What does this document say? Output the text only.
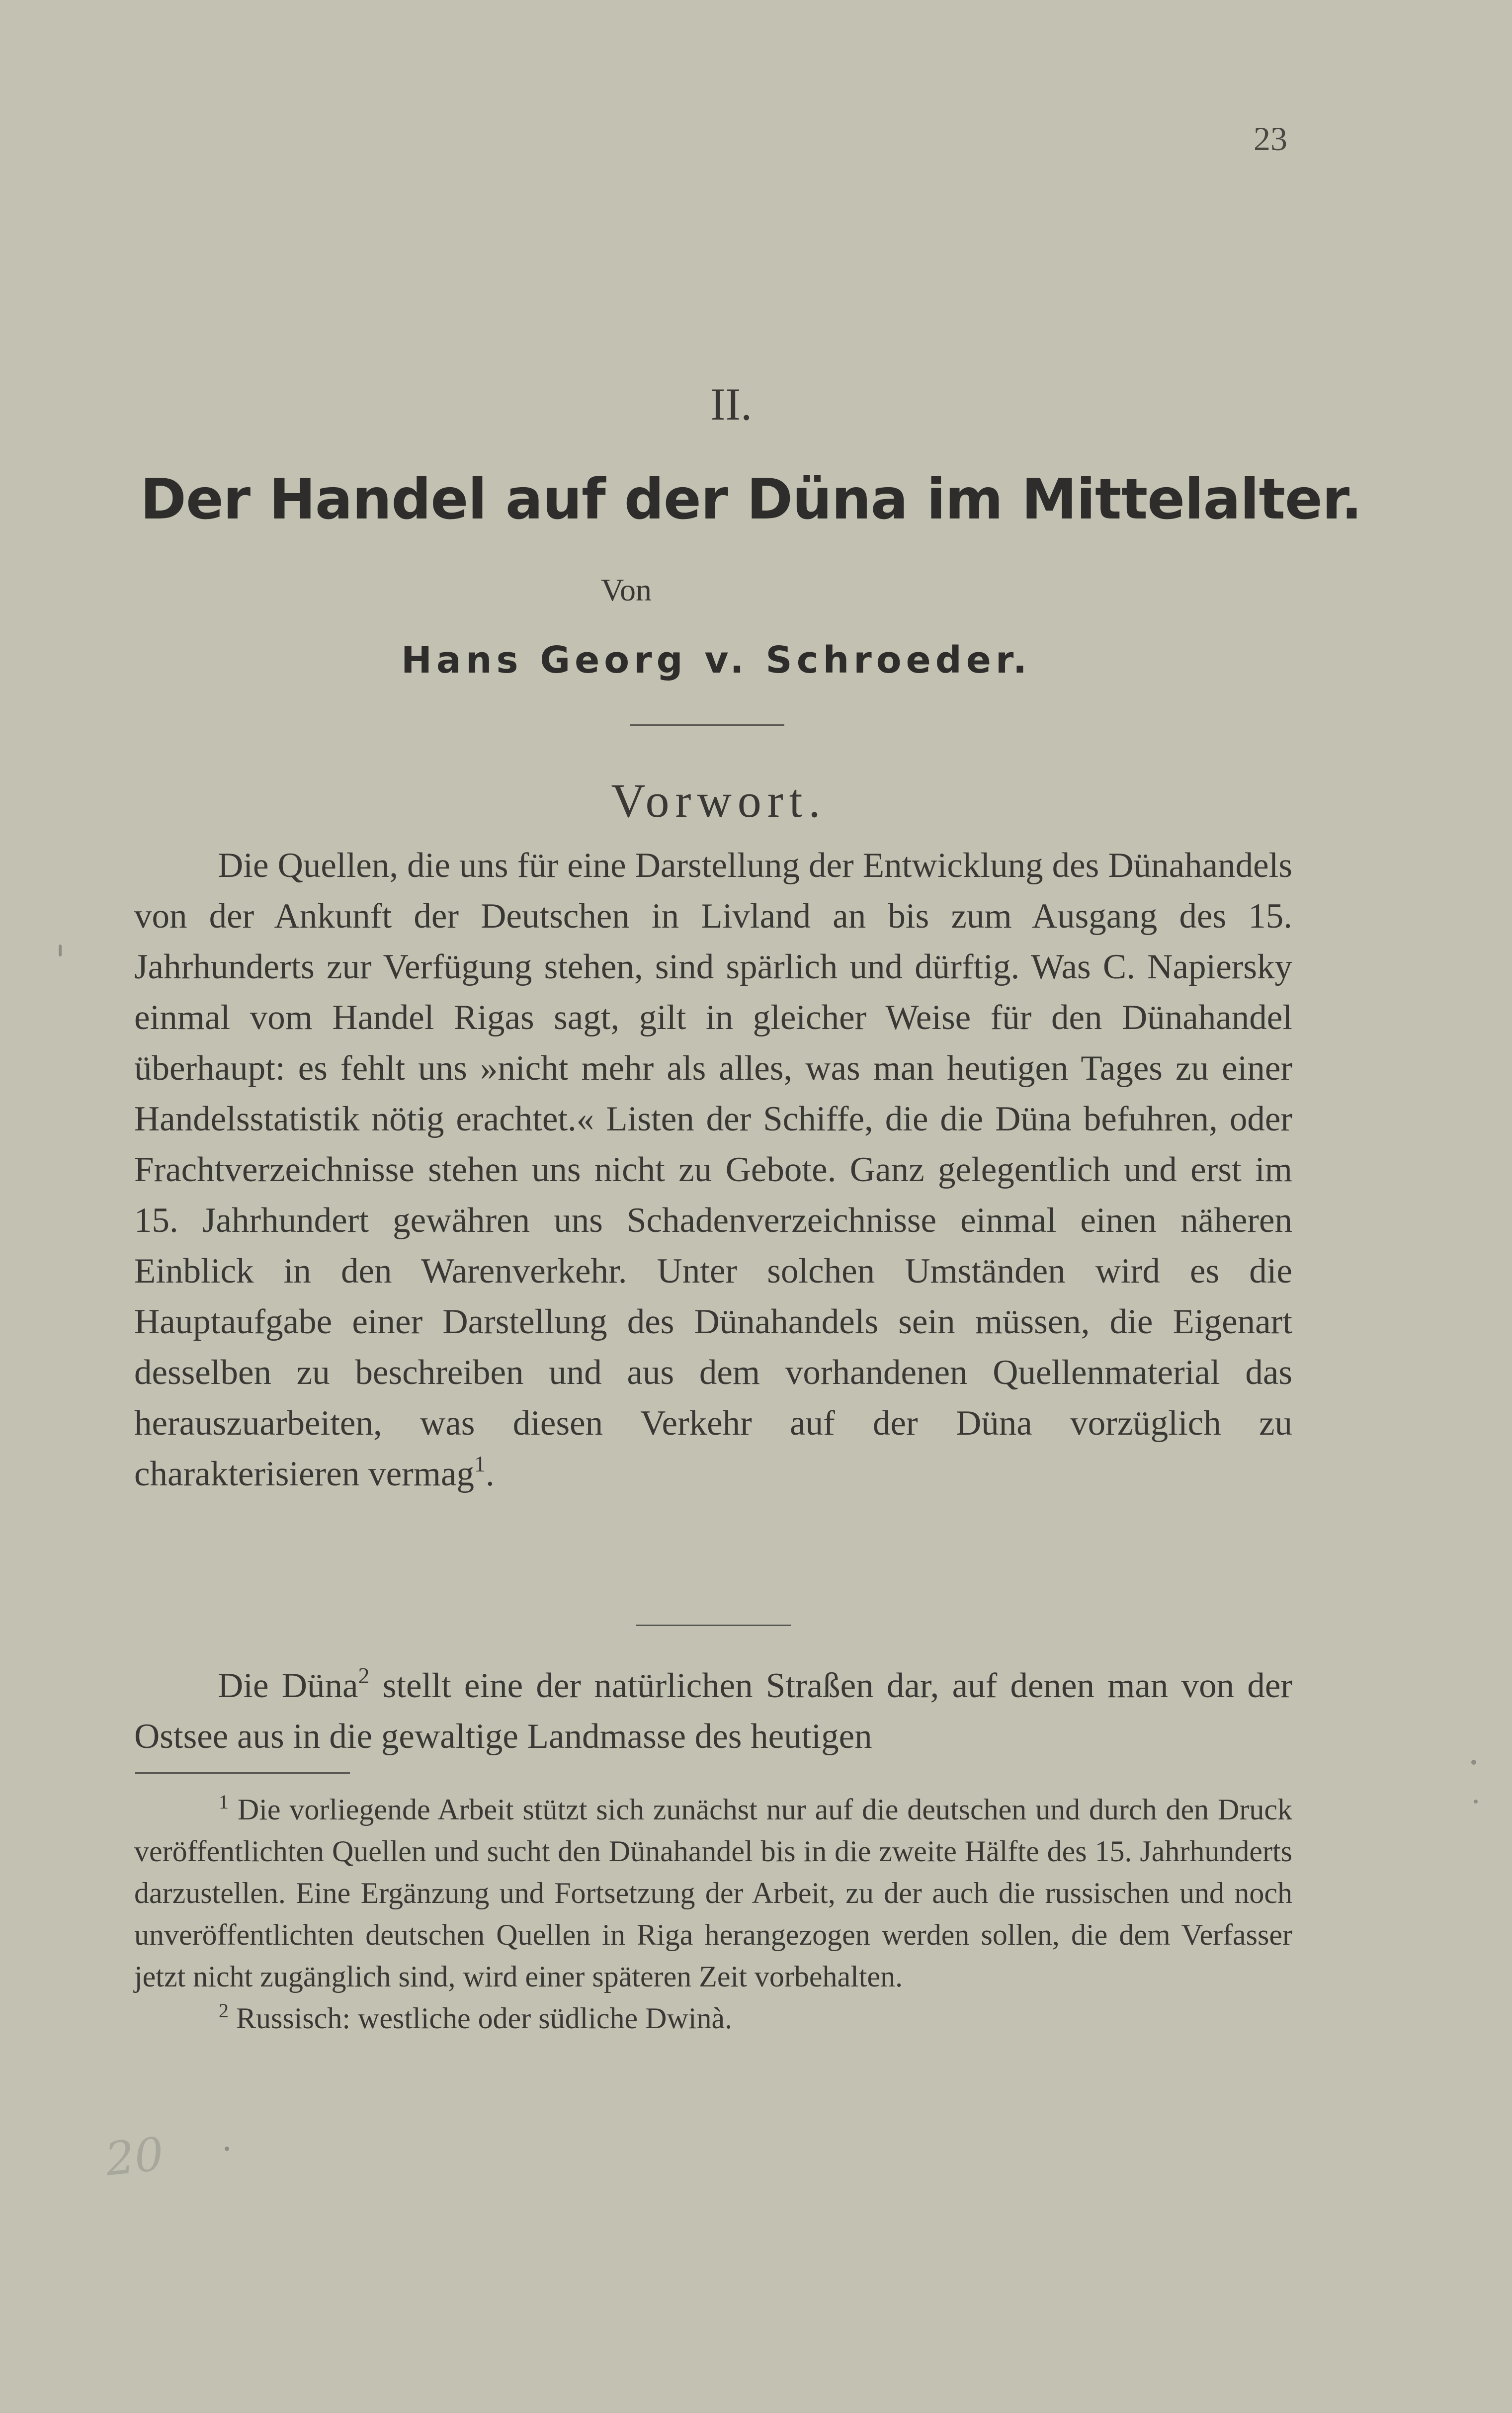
23
II.
Der Handel auf der Düna im Mittelalter.
Von
Hans Georg v. Schroeder.
Vorwort.

Die Quellen, die uns für eine Darstellung der Entwicklung des Dünahandels von der Ankunft der Deutschen in Livland an bis zum Ausgang des 15. Jahrhunderts zur Verfügung stehen, sind spärlich und dürftig. Was C. Napiersky einmal vom Handel Rigas sagt, gilt in gleicher Weise für den Dünahandel überhaupt: es fehlt uns »nicht mehr als alles, was man heutigen Tages zu einer Handelsstatistik nötig erachtet.« Listen der Schiffe, die die Düna befuhren, oder Frachtverzeichnisse stehen uns nicht zu Gebote. Ganz gelegentlich und erst im 15. Jahrhundert gewähren uns Schadenverzeichnisse einmal einen näheren Einblick in den Warenverkehr. Unter solchen Umständen wird es die Hauptaufgabe einer Darstellung des Dünahandels sein müssen, die Eigenart desselben zu beschreiben und aus dem vorhandenen Quellenmaterial das herauszuarbeiten, was diesen Verkehr auf der Düna vorzüglich zu charakterisieren vermag$^1$.

Die Düna$^2$ stellt eine der natürlichen Straßen dar, auf denen man von der Ostsee aus in die gewaltige Landmasse des heutigen

$^1$ Die vorliegende Arbeit stützt sich zunächst nur auf die deutschen und durch den Druck veröffentlichten Quellen und sucht den Dünahandel bis in die zweite Hälfte des 15. Jahrhunderts darzustellen. Eine Ergänzung und Fortsetzung der Arbeit, zu der auch die russischen und noch unveröffentlichten deutschen Quellen in Riga herangezogen werden sollen, die dem Verfasser jetzt nicht zugänglich sind, wird einer späteren Zeit vorbehalten.

$^2$ Russisch: westliche oder südliche Dwinà.

20
